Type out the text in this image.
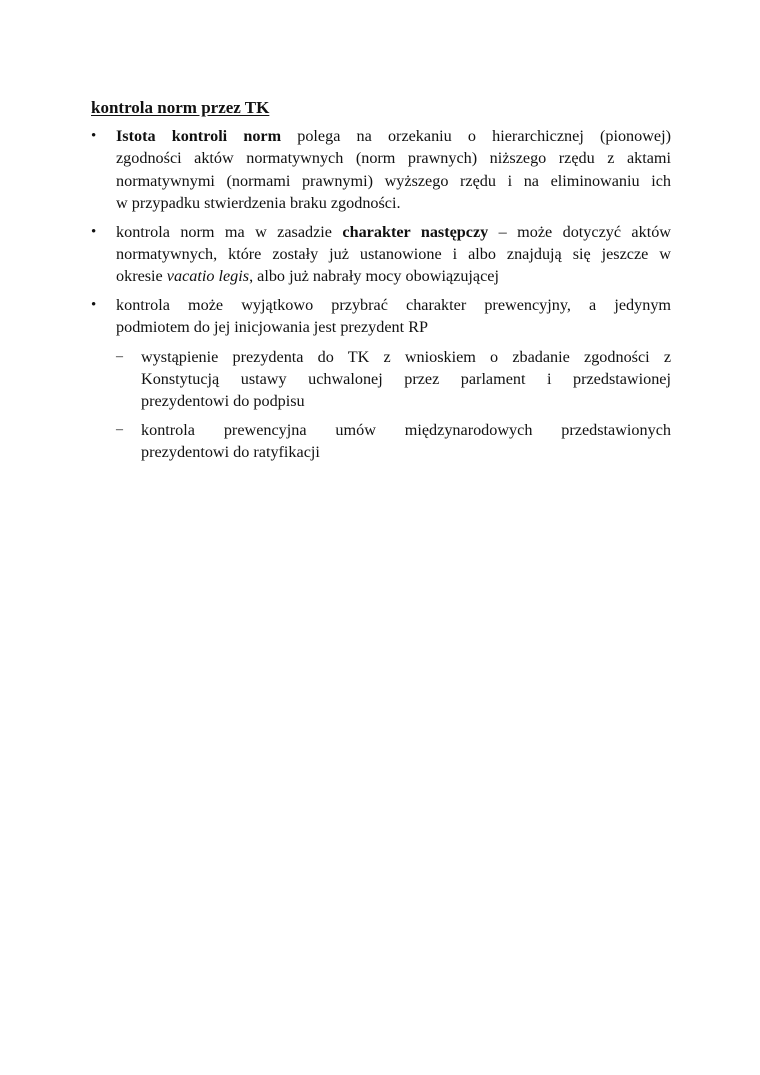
kontrola norm przez TK
• Istota kontroli norm polega na orzekaniu o hierarchicznej (pionowej)
zgodności aktów normatywnych (norm prawnych) niższego rzędu z aktami
normatywnymi (normami prawnymi) wyższego rzędu i na eliminowaniu ich
w przypadku stwierdzenia braku zgodności.
• kontrola norm ma w zasadzie charakter następczy – może dotyczyć aktów
normatywnych, które zostały już ustanowione i albo znajdują się jeszcze w
okresie vacatio legis, albo już nabrały mocy obowiązującej
• kontrola może wyjątkowo przybrać charakter prewencyjny, a jedynym
podmiotem do jej inicjowania jest prezydent RP
– wystąpienie prezydenta do TK z wnioskiem o zbadanie zgodności z
Konstytucją ustawy uchwalonej przez parlament i przedstawionej
prezydentowi do podpisu
– kontrola prewencyjna umów międzynarodowych przedstawionych
prezydentowi do ratyfikacji
